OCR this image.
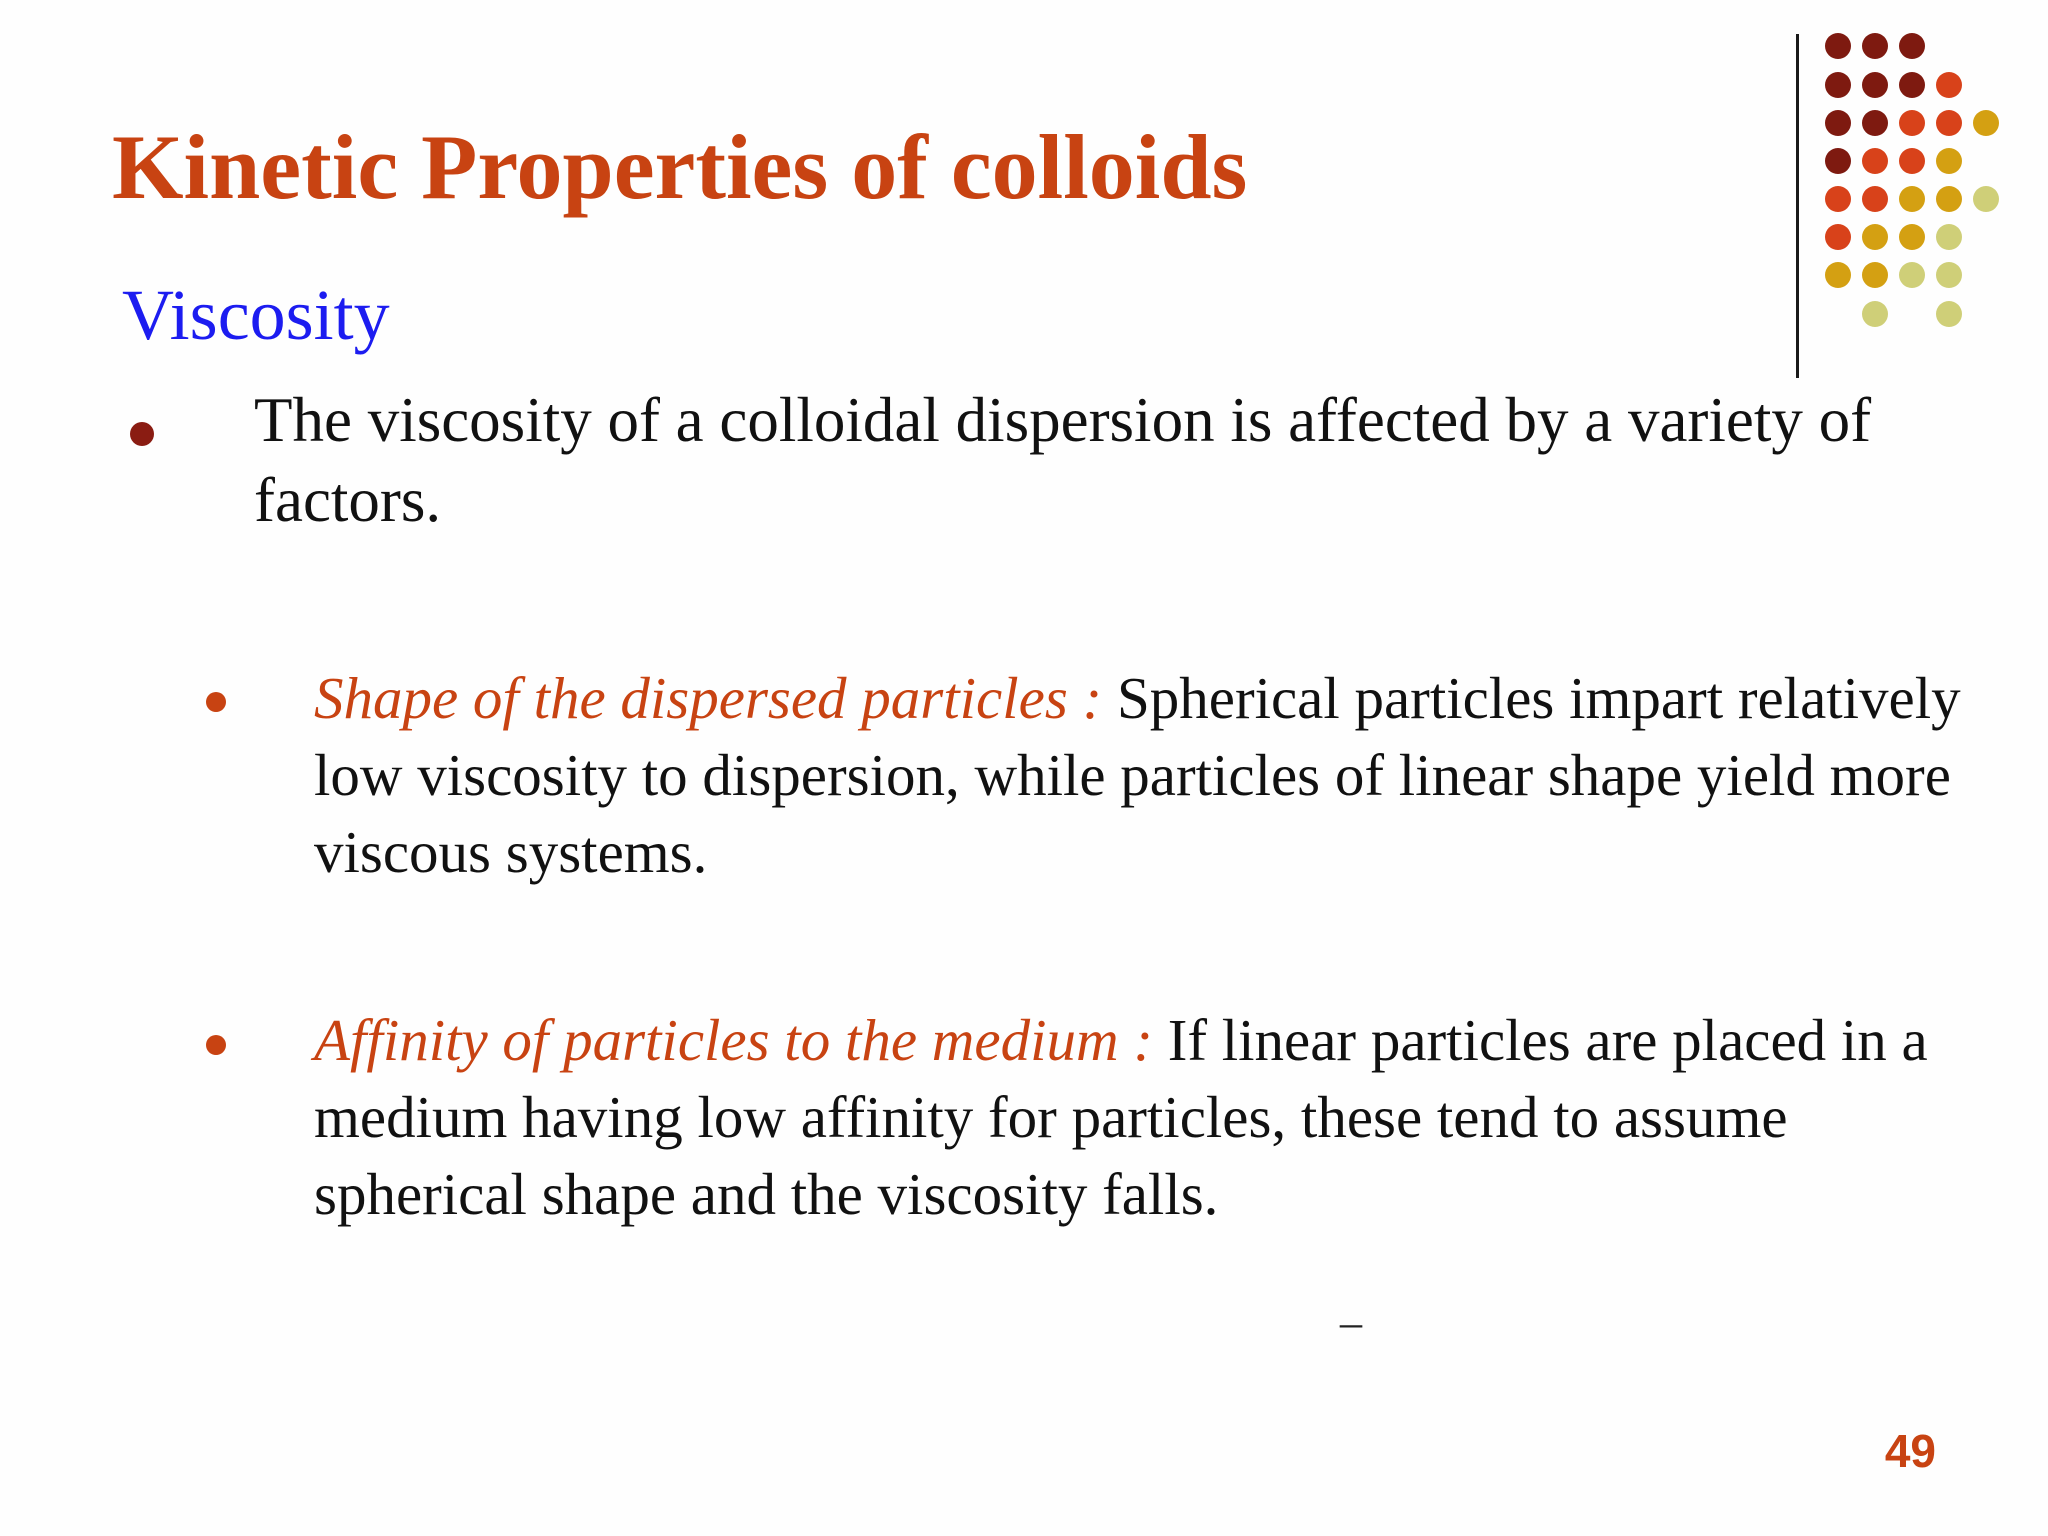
Kinetic Properties of colloids
Viscosity
The viscosity of a colloidal dispersion is affected by a variety of factors.
Shape of the dispersed particles : Spherical particles impart relatively low viscosity to dispersion, while particles of linear shape yield more viscous systems.
Affinity of particles to the medium : If linear particles are placed in a medium having low affinity for particles, these tend to assume spherical shape and the viscosity falls.
_
49
